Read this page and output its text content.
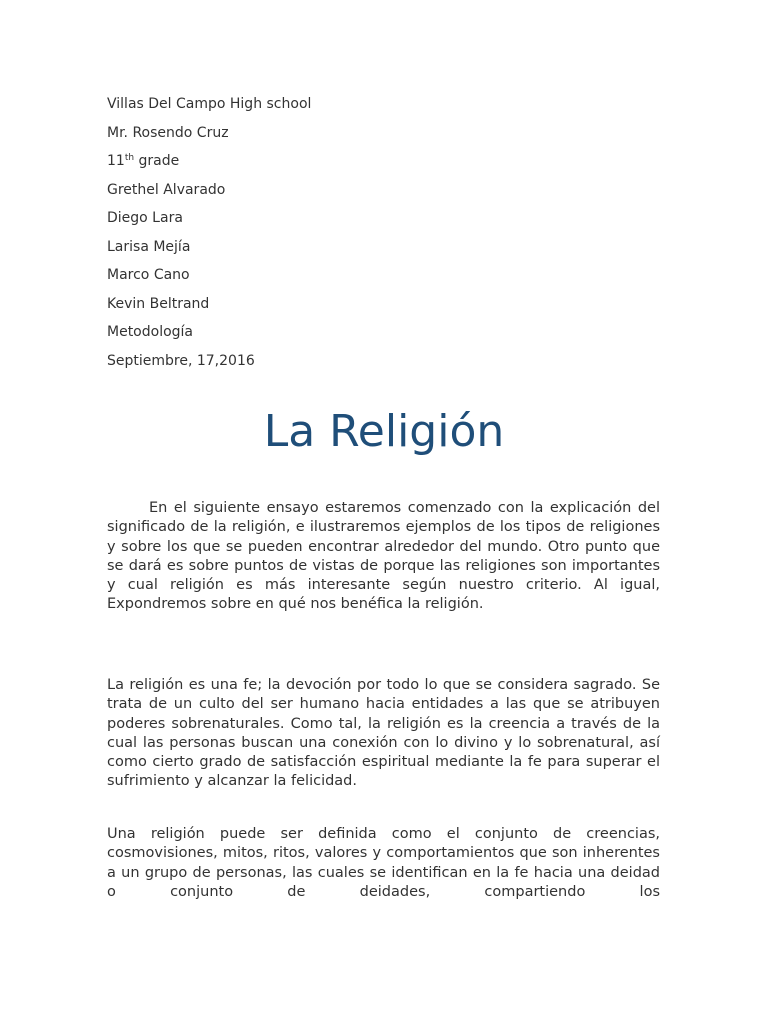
Villas Del Campo High school
Mr. Rosendo Cruz
11th grade
Grethel Alvarado
Diego Lara
Larisa Mejía
Marco Cano
Kevin Beltrand
Metodología
Septiembre, 17,2016
La Religión

En el siguiente ensayo estaremos comenzado con la explicación del significado de la religión, e ilustraremos ejemplos de los tipos de religiones y sobre los que se pueden encontrar alrededor del mundo. Otro punto que se dará es sobre puntos de vistas de porque las religiones son importantes y cual religión es más interesante según nuestro criterio. Al igual, Expondremos sobre en qué nos benéfica la religión.

La religión es una fe; la devoción por todo lo que se considera sagrado. Se trata de un culto del ser humano hacia entidades a las que se atribuyen poderes sobrenaturales. Como tal, la religión es la creencia a través de la cual las personas buscan una conexión con lo divino y lo sobrenatural, así como cierto grado de satisfacción espiritual mediante la fe para superar el sufrimiento y alcanzar la felicidad.

Una religión puede ser definida como el conjunto de creencias, cosmovisiones, mitos, ritos, valores y comportamientos que son inherentes a un grupo de personas, las cuales se identifican en la fe hacia una deidad o conjunto de deidades, compartiendo los
